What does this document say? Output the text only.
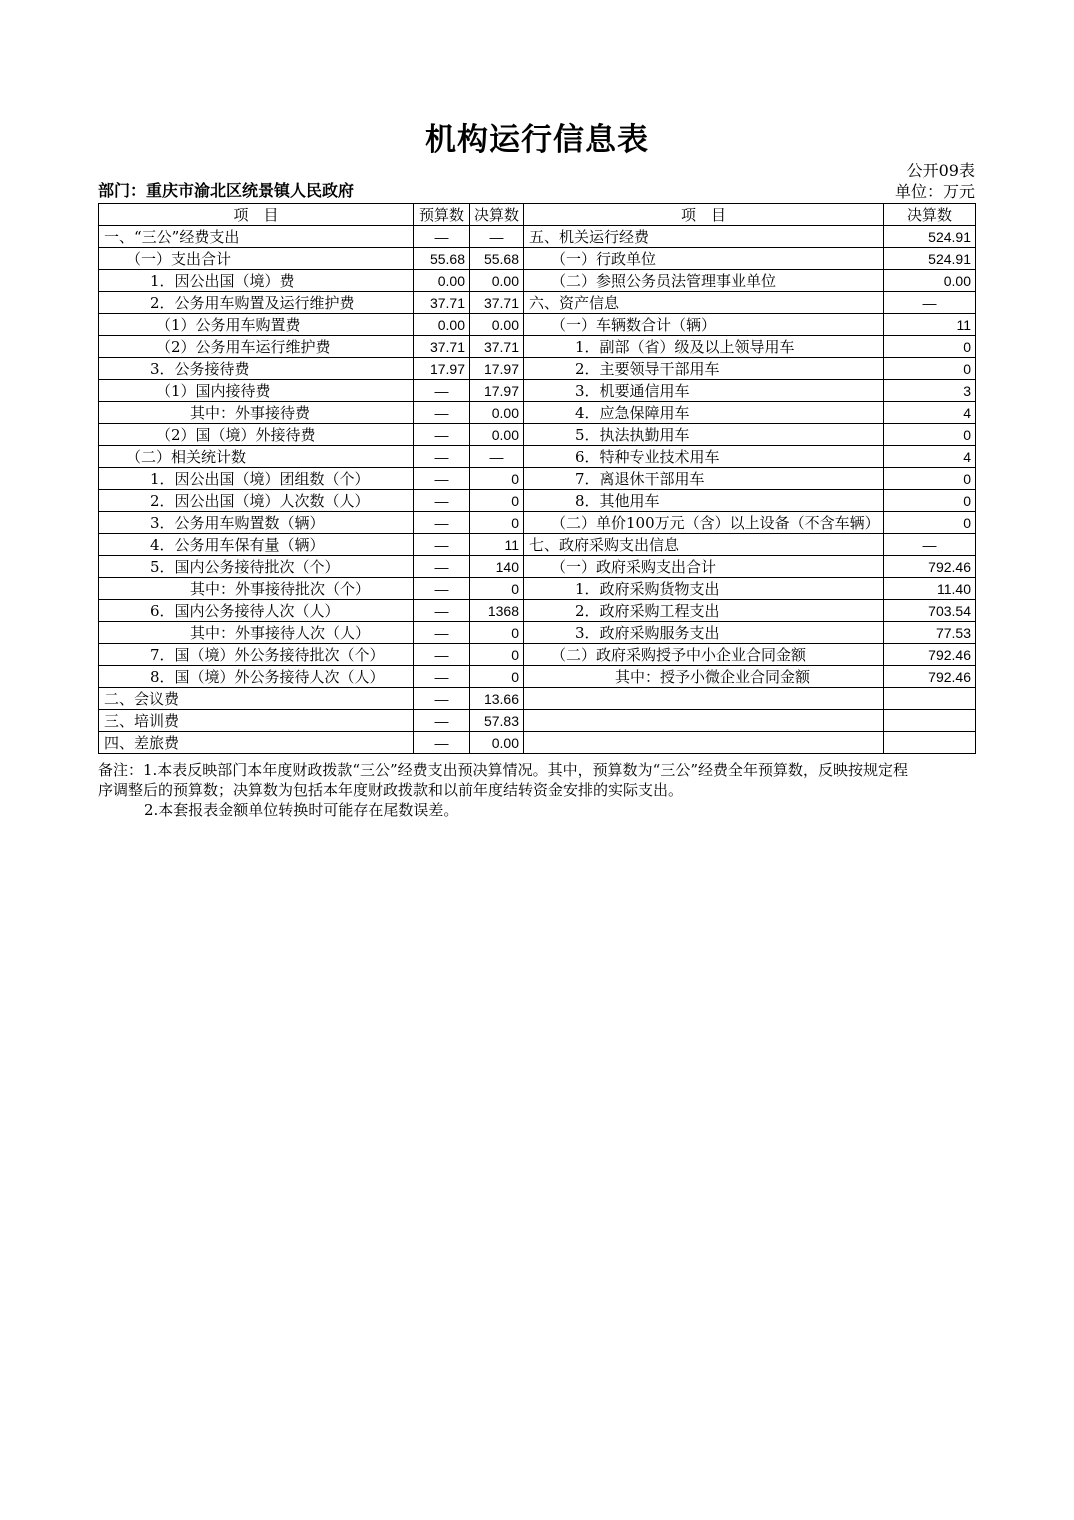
机构运行信息表
公开09表
部门：重庆市渝北区统景镇人民政府	单位：万元
项　目	预算数	决算数	项　目	决算数
一、“三公”经费支出	—	—	五、机关运行经费	524.91
（一）支出合计	55.68	55.68	（一）行政单位	524.91
1．因公出国（境）费	0.00	0.00	（二）参照公务员法管理事业单位	0.00
2．公务用车购置及运行维护费	37.71	37.71	六、资产信息	—
（1）公务用车购置费	0.00	0.00	（一）车辆数合计（辆）	11
（2）公务用车运行维护费	37.71	37.71	1．副部（省）级及以上领导用车	0
3．公务接待费	17.97	17.97	2．主要领导干部用车	0
（1）国内接待费	—	17.97	3．机要通信用车	3
其中：外事接待费	—	0.00	4．应急保障用车	4
（2）国（境）外接待费	—	0.00	5．执法执勤用车	0
（二）相关统计数	—	—	6．特种专业技术用车	4
1．因公出国（境）团组数（个）	—	0	7．离退休干部用车	0
2．因公出国（境）人次数（人）	—	0	8．其他用车	0
3．公务用车购置数（辆）	—	0	（二）单价100万元（含）以上设备（不含车辆）	0
4．公务用车保有量（辆）	—	11	七、政府采购支出信息	—
5．国内公务接待批次（个）	—	140	（一）政府采购支出合计	792.46
其中：外事接待批次（个）	—	0	1．政府采购货物支出	11.40
6．国内公务接待人次（人）	—	1368	2．政府采购工程支出	703.54
其中：外事接待人次（人）	—	0	3．政府采购服务支出	77.53
7．国（境）外公务接待批次（个）	—	0	（二）政府采购授予中小企业合同金额	792.46
8．国（境）外公务接待人次（人）	—	0	其中：授予小微企业合同金额	792.46
二、会议费	—	13.66		
三、培训费	—	57.83		
四、差旅费	—	0.00		
备注：1.本表反映部门本年度财政拨款“三公”经费支出预决算情况。其中，预算数为“三公”经费全年预算数，反映按规定程
序调整后的预算数；决算数为包括本年度财政拨款和以前年度结转资金安排的实际支出。
2.本套报表金额单位转换时可能存在尾数误差。
